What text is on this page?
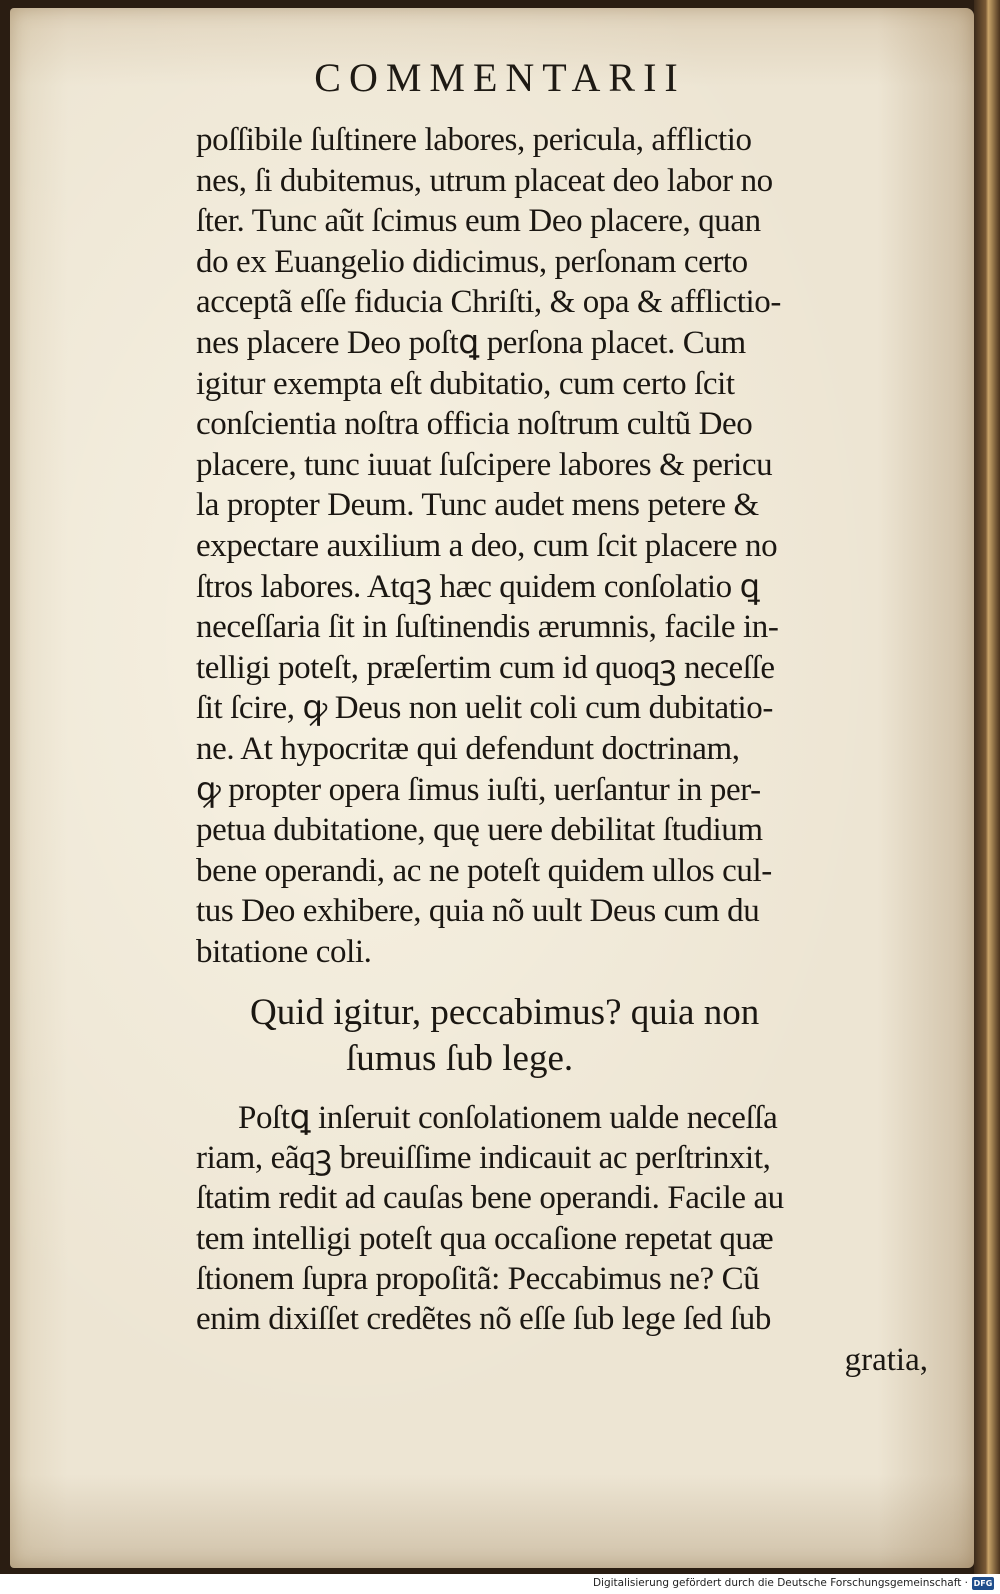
COMMENTARII
poſſibile ſuſtinere labores, pericula, afflictio
nes, ſi dubitemus, utrum placeat deo labor no
ſter. Tunc aũt ſcimus eum Deo placere, quan
do ex Euangelio didicimus, perſonam certo
acceptã eſſe fiducia Chriſti, & opa & afflictio-
nes placere Deo poſtꝗ perſona placet. Cum
igitur exempta eſt dubitatio, cum certo ſcit
conſcientia noſtra officia noſtrum cultũ Deo
placere, tunc iuuat ſuſcipere labores & pericu
la propter Deum. Tunc audet mens petere &
expectare auxilium a deo, cum ſcit placere no
ſtros labores. Atqꝫ hæc quidem conſolatio ꝗ
neceſſaria ſit in ſuſtinendis ærumnis, facile in-
telligi poteſt, præſertim cum id quoqꝫ neceſſe
ſit ſcire, ꝙ Deus non uelit coli cum dubitatio-
ne. At hypocritæ qui defendunt doctrinam,
ꝙ propter opera ſimus iuſti, uerſantur in per-
petua dubitatione, quę uere debilitat ſtudium
bene operandi, ac ne poteſt quidem ullos cul-
tus Deo exhibere, quia nõ uult Deus cum du
bitatione coli.
Quid igitur, peccabimus? quia non
ſumus ſub lege.
Poſtꝗ inſeruit conſolationem ualde neceſſa
riam, eãqꝫ breuiſſime indicauit ac perſtrinxit,
ſtatim redit ad cauſas bene operandi. Facile au
tem intelligi poteſt qua occaſione repetat quæ
ſtionem ſupra propoſitã: Peccabimus ne? Cũ
enim dixiſſet credẽtes nõ eſſe ſub lege ſed ſub

gratia,

Digitalisierung gefördert durch die Deutsche Forschungsgemeinschaft · DFG
